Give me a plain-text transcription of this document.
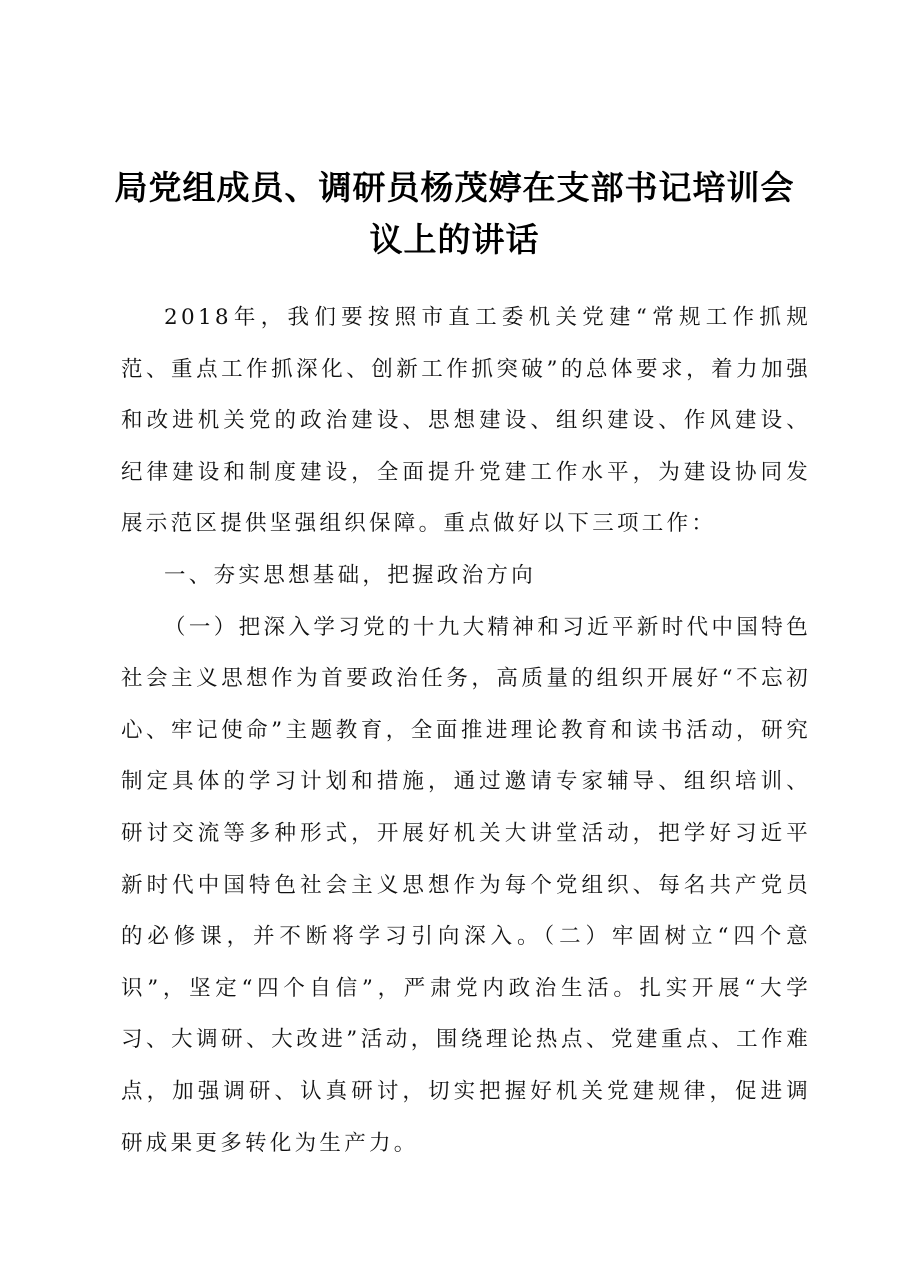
局党组成员、调研员杨茂婷在支部书记培训会
议上的讲话

2018年，我们要按照市直工委机关党建“常规工作抓规范、重点工作抓深化、创新工作抓突破”的总体要求，着力加强和改进机关党的政治建设、思想建设、组织建设、作风建设、纪律建设和制度建设，全面提升党建工作水平，为建设协同发展示范区提供坚强组织保障。重点做好以下三项工作：

一、夯实思想基础，把握政治方向

（一）把深入学习党的十九大精神和习近平新时代中国特色社会主义思想作为首要政治任务，高质量的组织开展好“不忘初心、牢记使命”主题教育，全面推进理论教育和读书活动，研究制定具体的学习计划和措施，通过邀请专家辅导、组织培训、研讨交流等多种形式，开展好机关大讲堂活动，把学好习近平新时代中国特色社会主义思想作为每个党组织、每名共产党员的必修课，并不断将学习引向深入。（二）牢固树立“四个意识”，坚定“四个自信”，严肃党内政治生活。扎实开展“大学习、大调研、大改进”活动，围绕理论热点、党建重点、工作难点，加强调研、认真研讨，切实把握好机关党建规律，促进调研成果更多转化为生产力。
